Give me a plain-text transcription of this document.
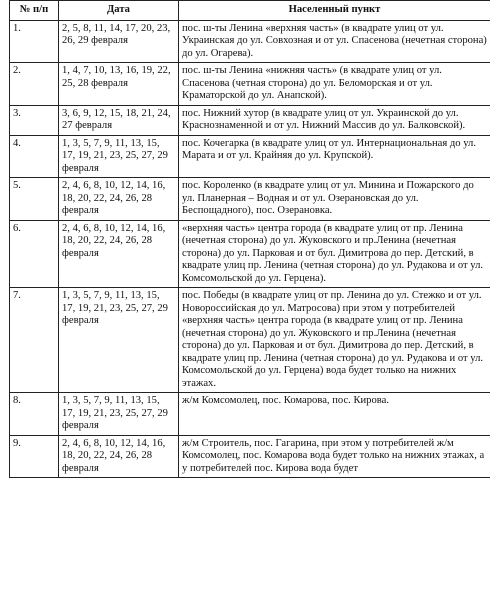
№ п/п	Дата	Населенный пункт
1.	2, 5, 8, 11, 14, 17, 20, 23, 26, 29 февраля	пос. ш-ты Ленина «верхняя часть» (в квадрате улиц от ул. Украинская до ул. Совхозная и от ул. Спасенова (нечетная сторона) до ул. Огарева).
2.	1, 4, 7, 10, 13, 16, 19, 22, 25, 28 февраля	пос. ш-ты Ленина «нижняя часть» (в квадрате улиц от ул. Спасенова (четная сторона) до ул. Беломорская и от ул. Краматорской до ул. Анапской).
3.	3, 6, 9, 12, 15, 18, 21, 24, 27 февраля	пос. Нижний хутор (в квадрате улиц от ул. Украинской до ул. Краснознаменной и от ул. Нижний Массив до ул. Балковской).
4.	1, 3, 5, 7, 9, 11, 13, 15, 17, 19, 21, 23, 25, 27, 29 февраля	пос. Кочегарка (в квадрате улиц от ул. Интернациональная до ул. Марата и от ул. Крайняя до ул. Крупской).
5.	2, 4, 6, 8, 10, 12, 14, 16, 18, 20, 22, 24, 26, 28 февраля	пос. Короленко (в квадрате улиц от ул. Минина и Пожарского до ул. Планерная – Водная и от ул. Озерановская до ул. Беспощадного), пос. Озерановка.
6.	2, 4, 6, 8, 10, 12, 14, 16, 18, 20, 22, 24, 26, 28 февраля	«верхняя часть» центра города (в квадрате улиц от пр. Ленина (нечетная сторона) до ул. Жуковского и пр.Ленина (нечетная сторона) до ул. Парковая и от бул. Димитрова до пер. Детский, в квадрате улиц пр. Ленина (четная сторона) до ул. Рудакова и от ул. Комсомольской до ул. Герцена).
7.	1, 3, 5, 7, 9, 11, 13, 15, 17, 19, 21, 23, 25, 27, 29 февраля	пос. Победы (в квадрате улиц от пр. Ленина до ул. Стежко и от ул. Новороссийская до ул. Матросова) при этом у потребителей «верхняя часть» центра города (в квадрате улиц от пр. Ленина (нечетная сторона) до ул. Жуковского и пр.Ленина (нечетная сторона) до ул. Парковая и от бул. Димитрова до пер. Детский, в квадрате улиц пр. Ленина (четная сторона) до ул. Рудакова и от ул. Комсомольской до ул. Герцена) вода будет только на нижних этажах.
8.	1, 3, 5, 7, 9, 11, 13, 15, 17, 19, 21, 23, 25, 27, 29 февраля	ж/м Комсомолец, пос. Комарова, пос. Кирова.
9.	2, 4, 6, 8, 10, 12, 14, 16, 18, 20, 22, 24, 26, 28 февраля	ж/м Строитель, пос. Гагарина, при этом у потребителей ж/м Комсомолец, пос. Комарова вода будет только на нижних этажах, а у потребителей пос. Кирова вода будет
